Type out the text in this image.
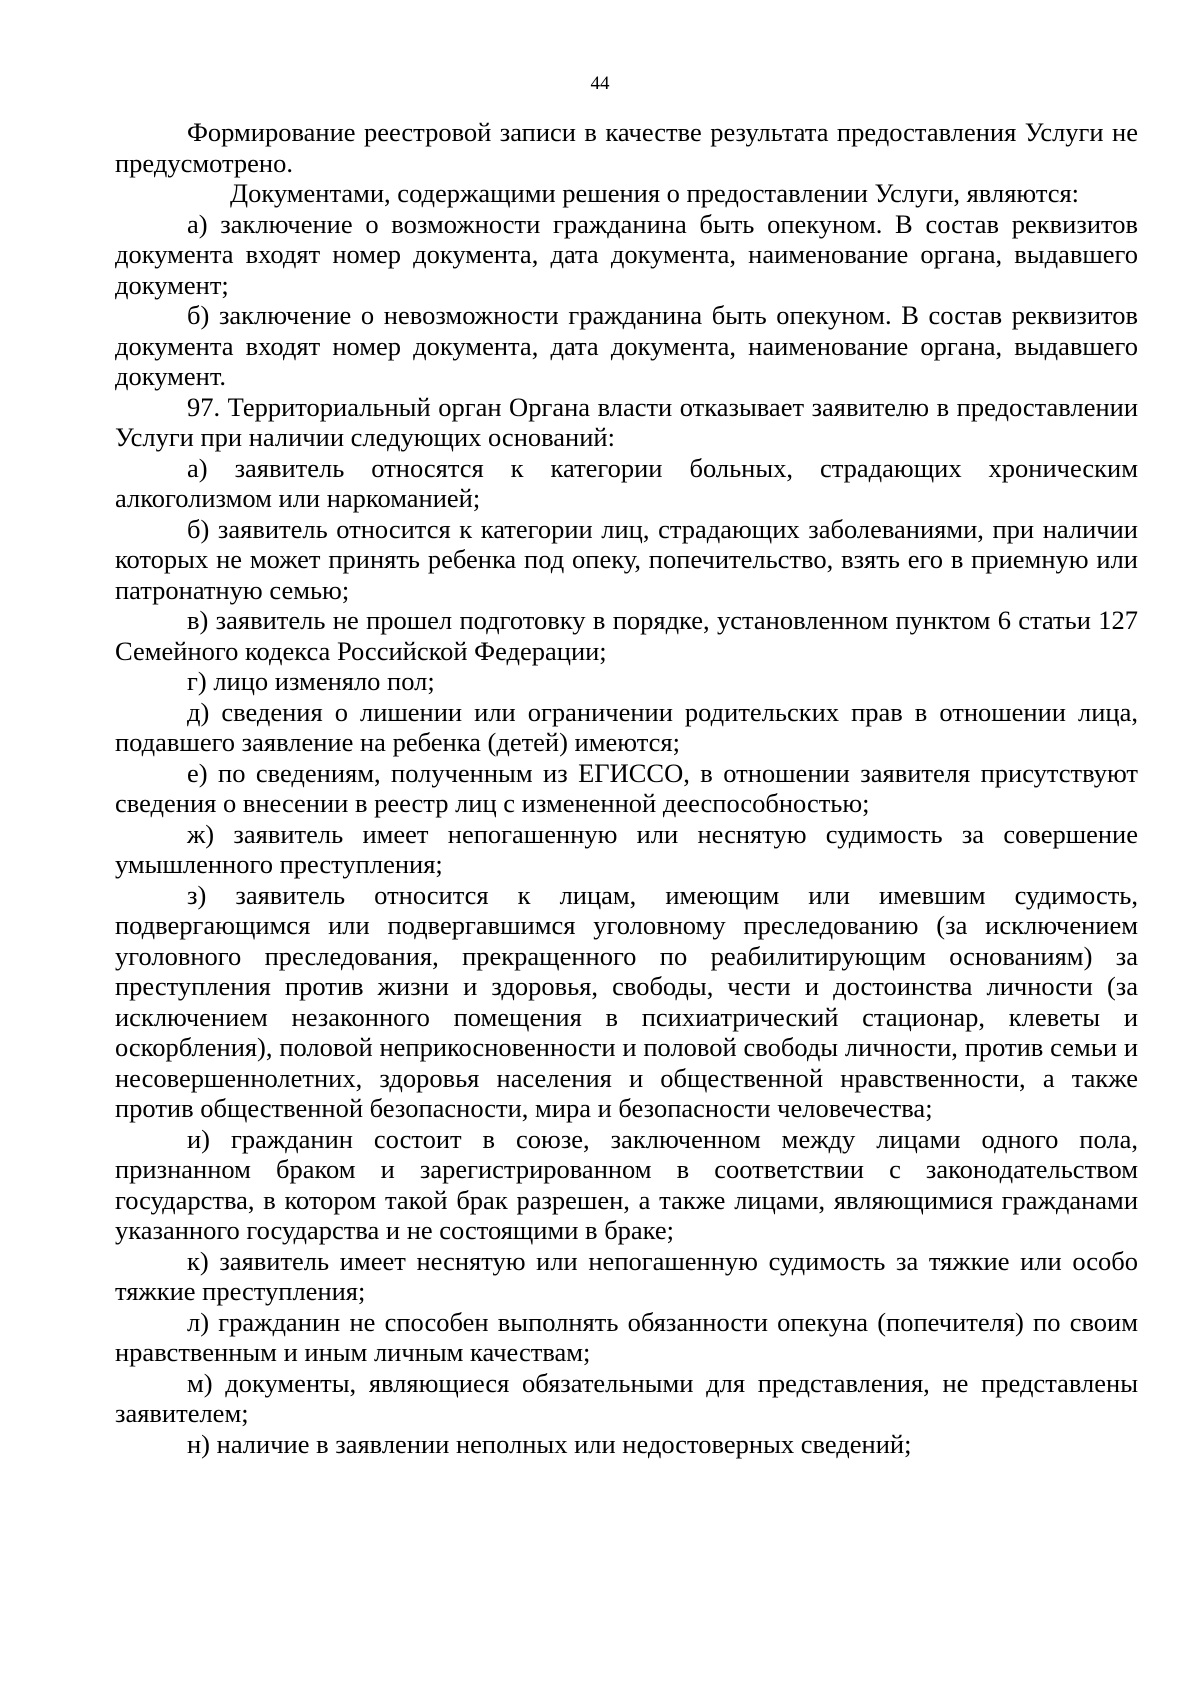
44

Формирование реестровой записи в качестве результата предоставления Услуги не предусмотрено.

Документами, содержащими решения о предоставлении Услуги, являются:

а) заключение о возможности гражданина быть опекуном. В состав реквизитов документа входят номер документа, дата документа, наименование органа, выдавшего документ;

б) заключение о невозможности гражданина быть опекуном. В состав реквизитов документа входят номер документа, дата документа, наименование органа, выдавшего документ.

97. Территориальный орган Органа власти отказывает заявителю в предоставлении Услуги при наличии следующих оснований:

а) заявитель относятся к категории больных, страдающих хроническим алкоголизмом или наркоманией;

б) заявитель относится к категории лиц, страдающих заболеваниями, при наличии которых не может принять ребенка под опеку, попечительство, взять его в приемную или патронатную семью;

в) заявитель не прошел подготовку в порядке, установленном пунктом 6 статьи 127 Семейного кодекса Российской Федерации;

г) лицо изменяло пол;

д) сведения о лишении или ограничении родительских прав в отношении лица, подавшего заявление на ребенка (детей) имеются;

е) по сведениям, полученным из ЕГИССО, в отношении заявителя присутствуют сведения о внесении в реестр лиц с измененной дееспособностью;

ж) заявитель имеет непогашенную или неснятую судимость за совершение умышленного преступления;

з) заявитель относится к лицам, имеющим или имевшим судимость, подвергающимся или подвергавшимся уголовному преследованию (за исключением уголовного преследования, прекращенного по реабилитирующим основаниям) за преступления против жизни и здоровья, свободы, чести и достоинства личности (за исключением незаконного помещения в психиатрический стационар, клеветы и оскорбления), половой неприкосновенности и половой свободы личности, против семьи и несовершеннолетних, здоровья населения и общественной нравственности, а также против общественной безопасности, мира и безопасности человечества;

и) гражданин состоит в союзе, заключенном между лицами одного пола, признанном браком и зарегистрированном в соответствии с законодательством государства, в котором такой брак разрешен, а также лицами, являющимися гражданами указанного государства и не состоящими в браке;

к) заявитель имеет неснятую или непогашенную судимость за тяжкие или особо тяжкие преступления;

л) гражданин не способен выполнять обязанности опекуна (попечителя) по своим нравственным и иным личным качествам;

м) документы, являющиеся обязательными для представления, не представлены заявителем;

н) наличие в заявлении неполных или недостоверных сведений;
